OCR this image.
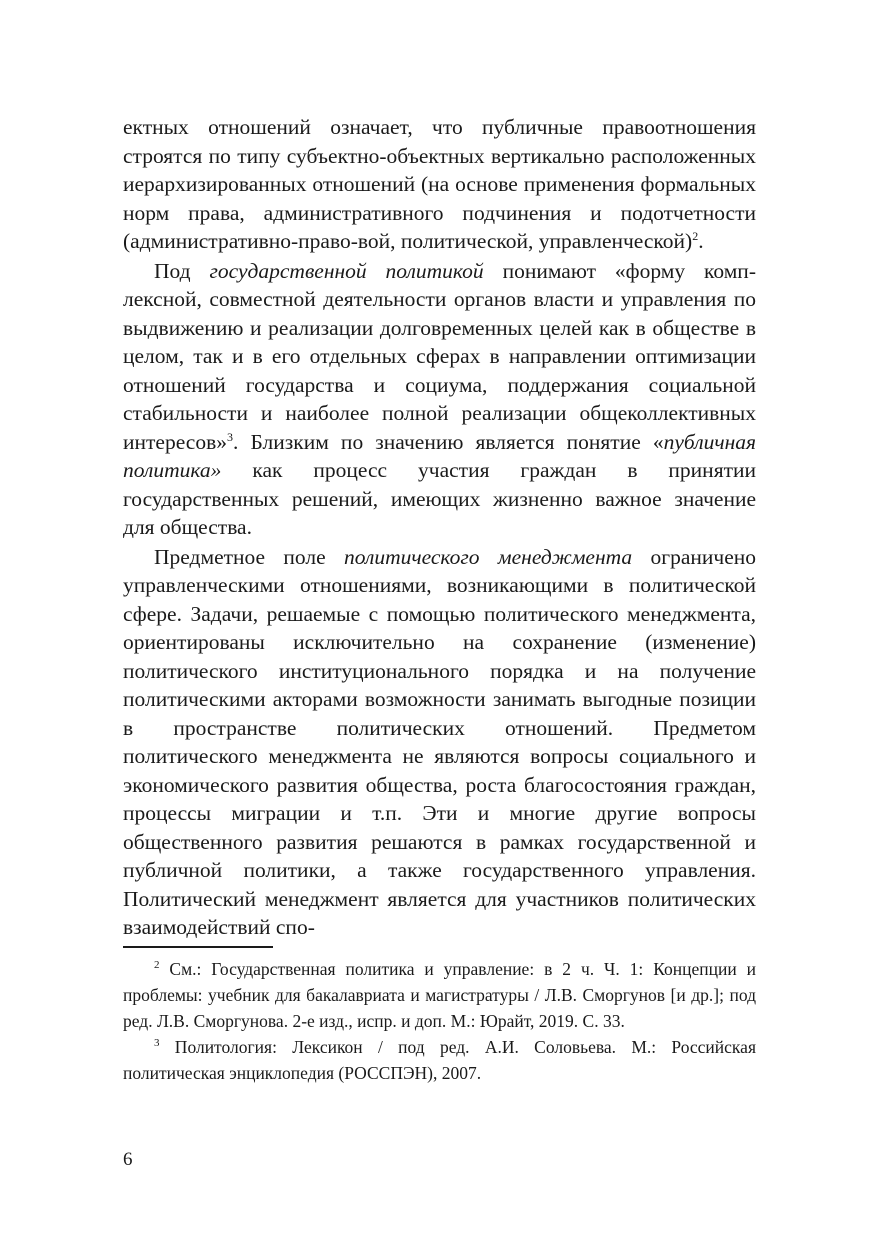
ектных отношений означает, что публичные правоотношения строятся по типу субъектно-объектных вертикально расположенных иерархизированных отношений (на основе применения формальных норм права, административного подчинения и подотчетности (административно-право-вой, политической, управленческой)$^2$.

Под государственной политикой понимают «форму комплексной, совместной деятельности органов власти и управления по выдвижению и реализации долговременных целей как в обществе в целом, так и в его отдельных сферах в направлении оптимизации отношений государства и социума, поддержания социальной стабильности и наиболее полной реализации общеколлективных интересов»$^3$. Близким по значению является понятие «публичная политика» как процесс участия граждан в принятии государственных решений, имеющих жизненно важное значение для общества.

Предметное поле политического менеджмента ограничено управленческими отношениями, возникающими в политической сфере. Задачи, решаемые с помощью политического менеджмента, ориентированы исключительно на сохранение (изменение) политического институционального порядка и на получение политическими акторами возможности занимать выгодные позиции в пространстве политических отношений. Предметом политического менеджмента не являются вопросы социального и экономического развития общества, роста благосостояния граждан, процессы миграции и т.п. Эти и многие другие вопросы общественного развития решаются в рамках государственной и публичной политики, а также государственного управления. Политический менеджмент является для участников политических взаимодействий спо-

$^2$ См.: Государственная политика и управление: в 2 ч. Ч. 1: Концепции и проблемы: учебник для бакалавриата и магистратуры / Л.В. Сморгунов [и др.]; под ред. Л.В. Сморгунова. 2-е изд., испр. и доп. М.: Юрайт, 2019. С. 33.

$^3$ Политология: Лексикон / под ред. А.И. Соловьева. М.: Российская политическая энциклопедия (РОССПЭН), 2007.

6
